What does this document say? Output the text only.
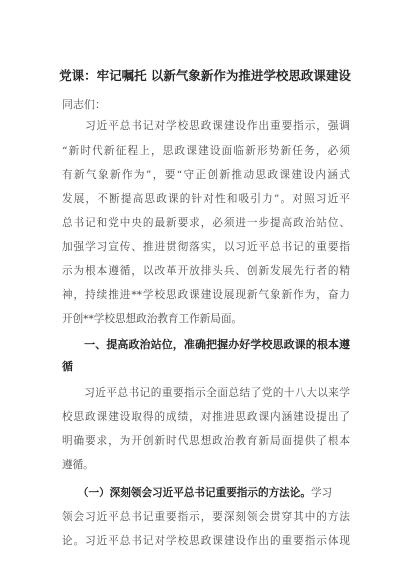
党课：牢记嘱托 以新气象新作为推进学校思政课建设
同志们：
　　习近平总书记对学校思政课建设作出重要指示，强调
“新时代新征程上，思政课建设面临新形势新任务，必须
有新气象新作为”，要“守正创新推动思政课建设内涵式
发展，不断提高思政课的针对性和吸引力”。对照习近平
总书记和党中央的最新要求，必须进一步提高政治站位、
加强学习宣传、推进贯彻落实，以习近平总书记的重要指
示为根本遵循，以改革开放排头兵、创新发展先行者的精
神，持续推进**学校思政课建设展现新气象新作为，奋力
开创**学校思想政治教育工作新局面。
　　一、提高政治站位，准确把握办好学校思政课的根本遵
循
　　习近平总书记的重要指示全面总结了党的十八大以来学
校思政课建设取得的成绩，对推进思政课内涵建设提出了
明确要求，为开创新时代思想政治教育新局面提供了根本
遵循。
　　（一）深刻领会习近平总书记重要指示的方法论。学习
领会习近平总书记重要指示，要深刻领会贯穿其中的方法
论。习近平总书记对学校思政课建设作出的重要指示体现
